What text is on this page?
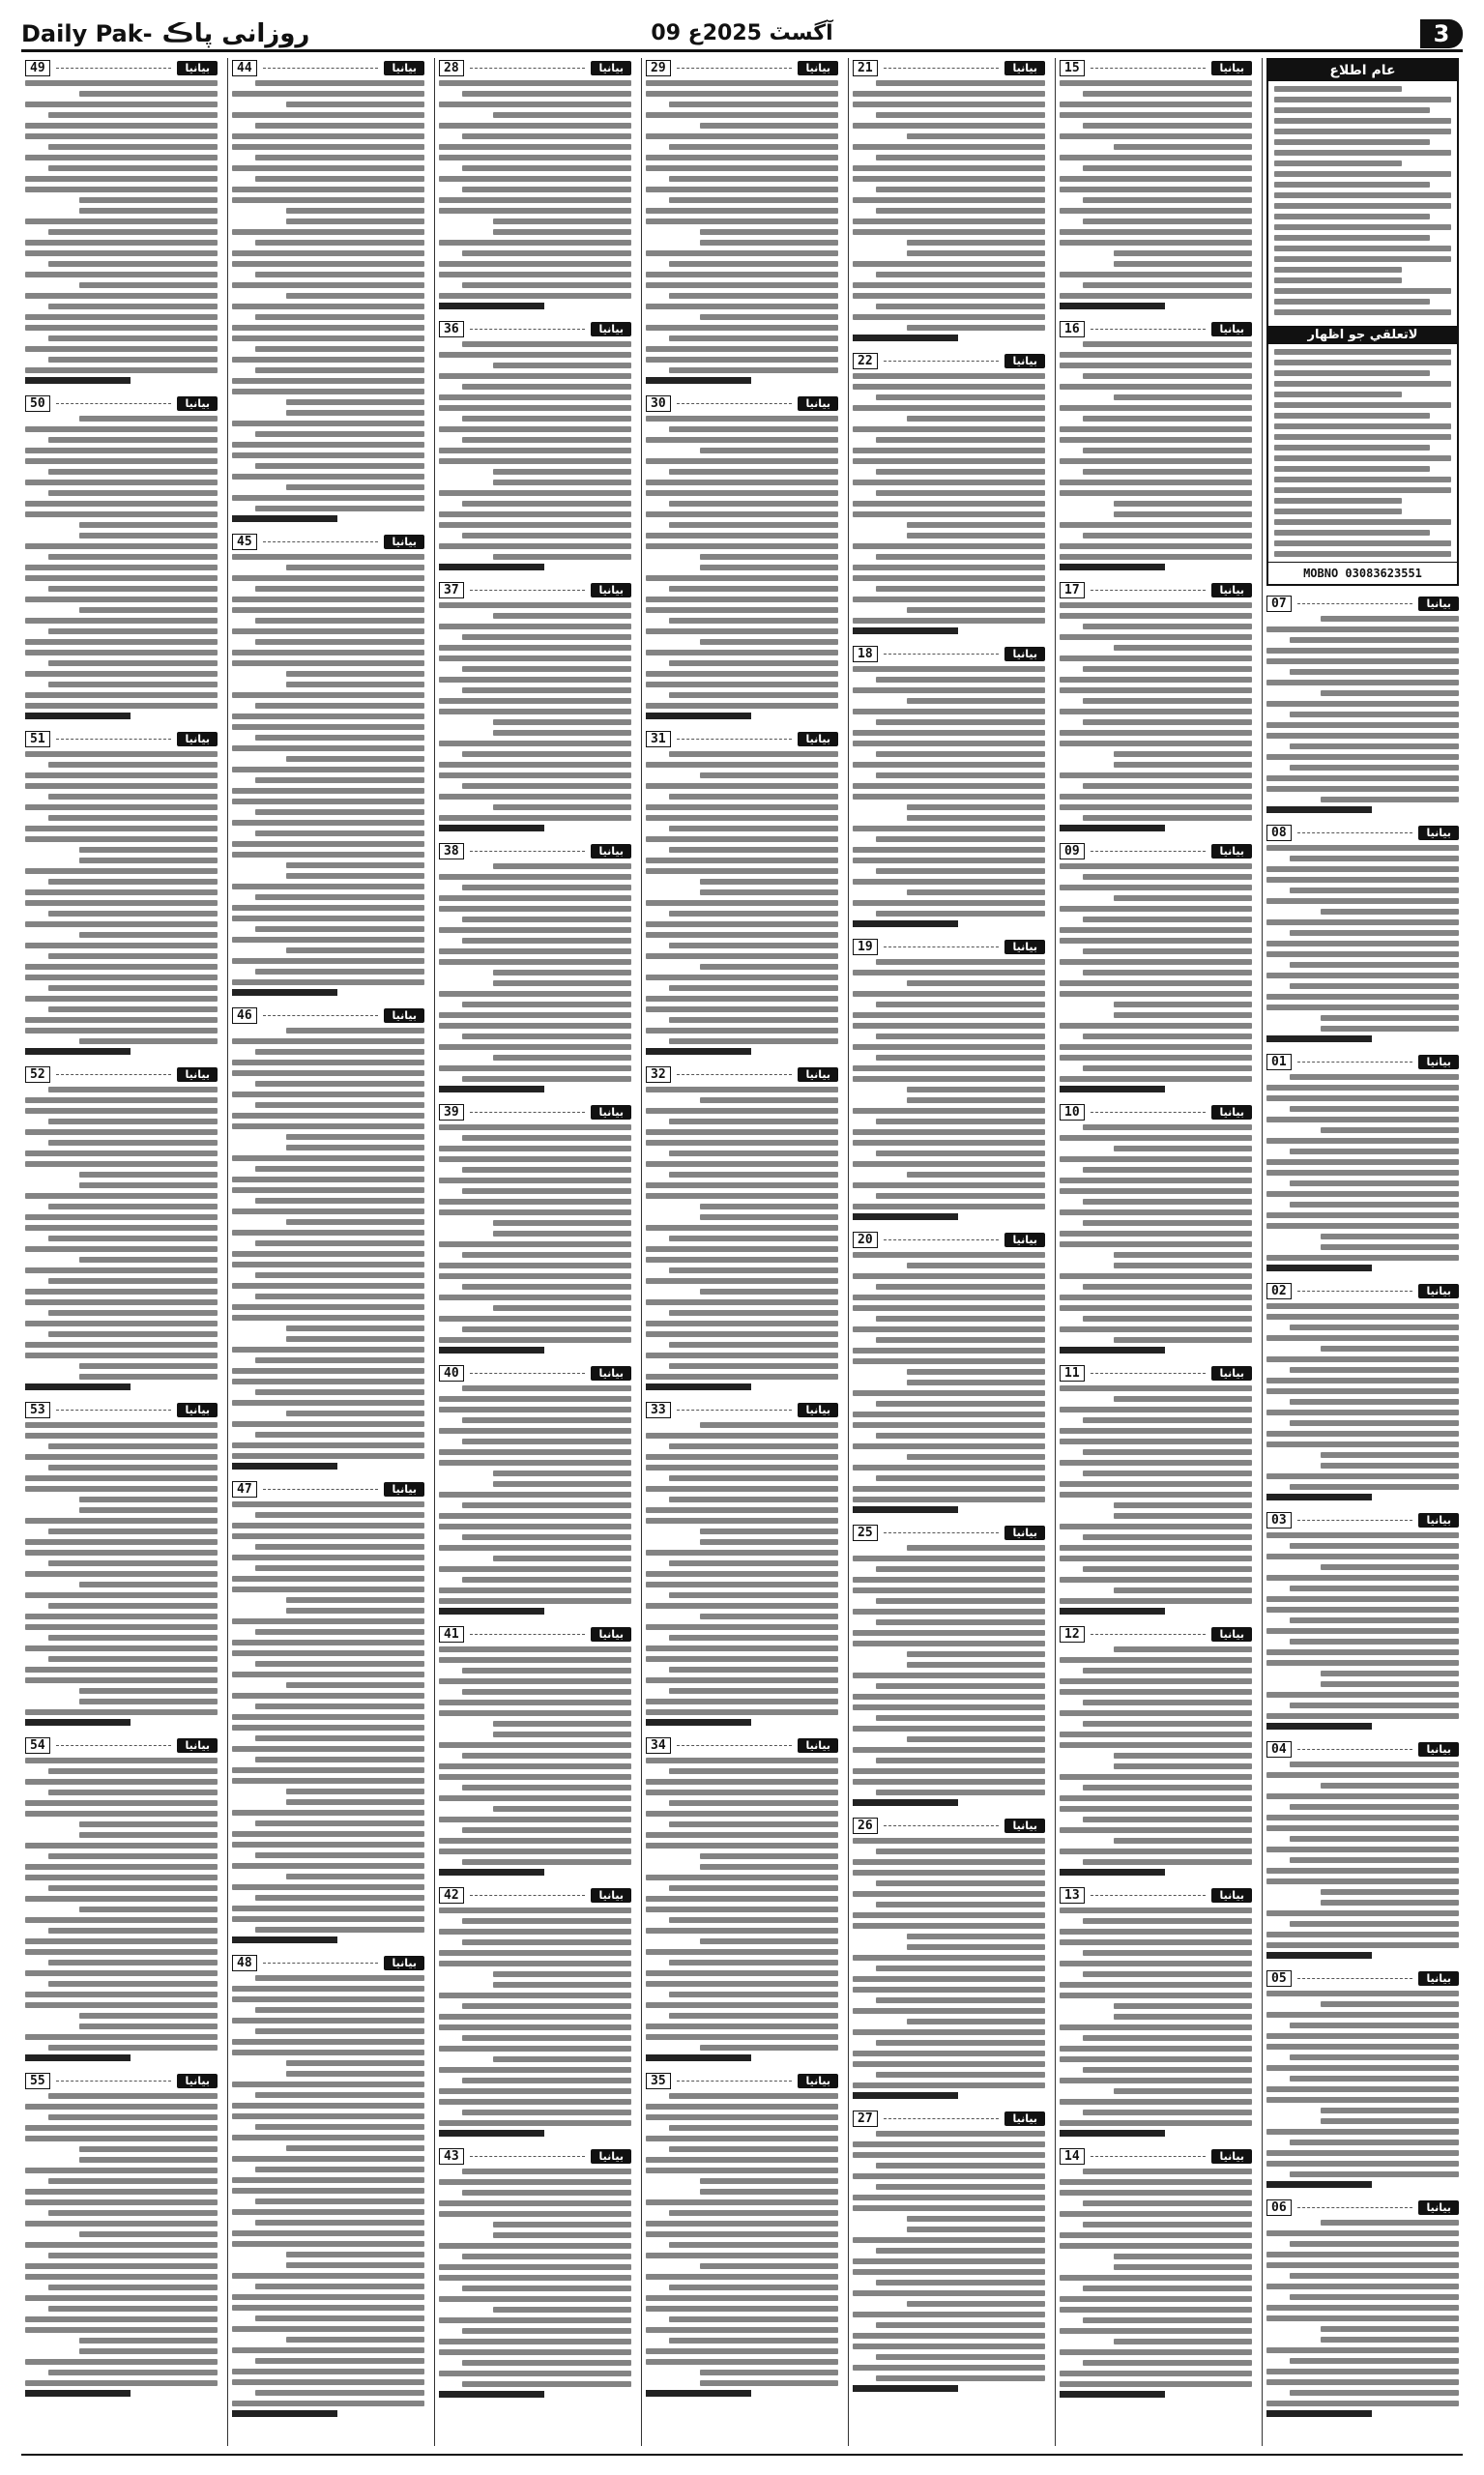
Daily Pak- روزانی پاڪ	09 آگسٽ 2025ع	3
عام اطلاع
لاتعلقي جو اظهار
MOBNO 03083623551
بیانیا
07
بیانیا
08
بیانیا
01
بیانیا
02
بیانیا
03
بیانیا
04
بیانیا
05
بیانیا
06
بیانیا
15
بیانیا
16
بیانیا
17
بیانیا
09
بیانیا
10
بیانیا
11
بیانیا
12
بیانیا
13
بیانیا
14
بیانیا
21
بیانیا
22
بیانیا
18
بیانیا
19
بیانیا
20
بیانیا
25
بیانیا
26
بیانیا
27
بیانیا
29
بیانیا
30
بیانیا
31
بیانیا
32
بیانیا
33
بیانیا
34
بیانیا
35
بیانیا
28
بیانیا
36
بیانیا
37
بیانیا
38
بیانیا
39
بیانیا
40
بیانیا
41
بیانیا
42
بیانیا
43
بیانیا
44
بیانیا
45
بیانیا
46
بیانیا
47
بیانیا
48
بیانیا
49
بیانیا
50
بیانیا
51
بیانیا
52
بیانیا
53
بیانیا
54
بیانیا
55
